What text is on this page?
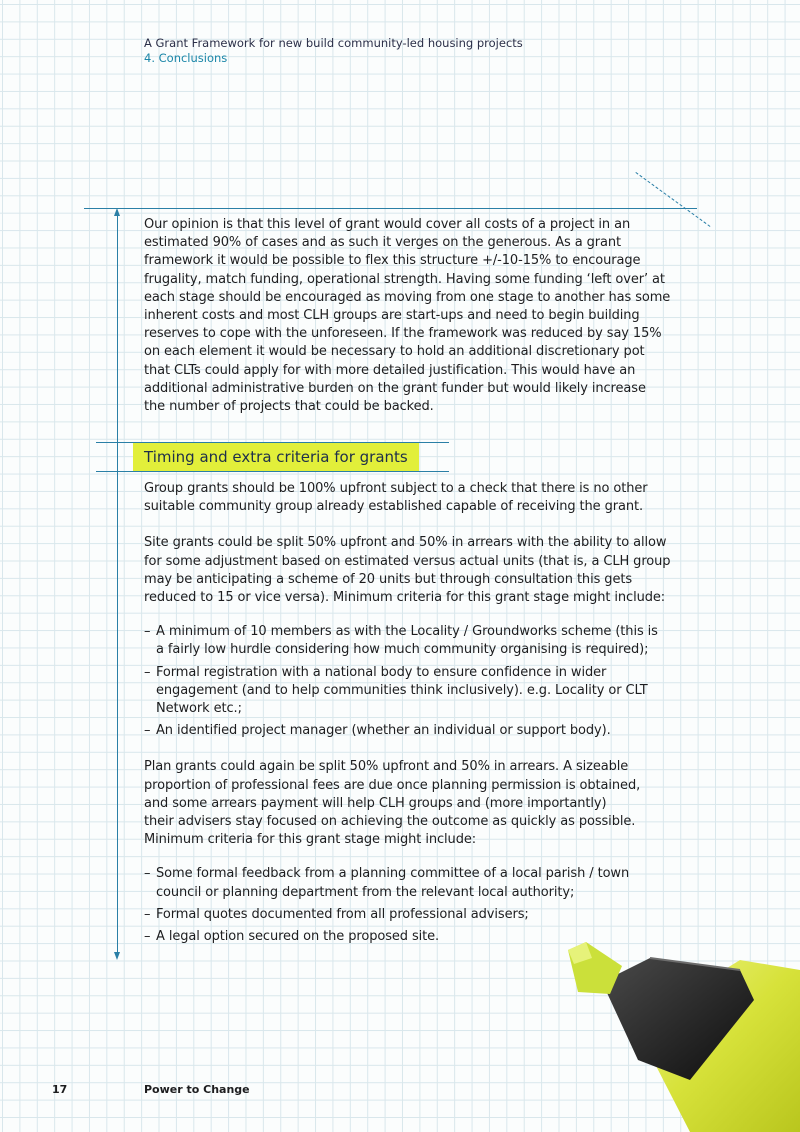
A Grant Framework for new build community-led housing projects
4. Conclusions

Our opinion is that this level of grant would cover all costs of a project in an
estimated 90% of cases and as such it verges on the generous. As a grant
framework it would be possible to flex this structure +/-10-15% to encourage
frugality, match funding, operational strength. Having some funding ‘left over’ at
each stage should be encouraged as moving from one stage to another has some
inherent costs and most CLH groups are start-ups and need to begin building
reserves to cope with the unforeseen. If the framework was reduced by say 15%
on each element it would be necessary to hold an additional discretionary pot
that CLTs could apply for with more detailed justification. This would have an
additional administrative burden on the grant funder but would likely increase
the number of projects that could be backed.

Timing and extra criteria for grants

Group grants should be 100% upfront subject to a check that there is no other
suitable community group already established capable of receiving the grant.

Site grants could be split 50% upfront and 50% in arrears with the ability to allow
for some adjustment based on estimated versus actual units (that is, a CLH group
may be anticipating a scheme of 20 units but through consultation this gets
reduced to 15 or vice versa). Minimum criteria for this grant stage might include:

– A minimum of 10 members as with the Locality / Groundworks scheme (this is
a fairly low hurdle considering how much community organising is required);
– Formal registration with a national body to ensure confidence in wider
engagement (and to help communities think inclusively). e.g. Locality or CLT
Network etc.;
– An identified project manager (whether an individual or support body).

Plan grants could again be split 50% upfront and 50% in arrears. A sizeable
proportion of professional fees are due once planning permission is obtained,
and some arrears payment will help CLH groups and (more importantly)
their advisers stay focused on achieving the outcome as quickly as possible.
Minimum criteria for this grant stage might include:

– Some formal feedback from a planning committee of a local parish / town
council or planning department from the relevant local authority;
– Formal quotes documented from all professional advisers;
– A legal option secured on the proposed site.
17	Power to Change
